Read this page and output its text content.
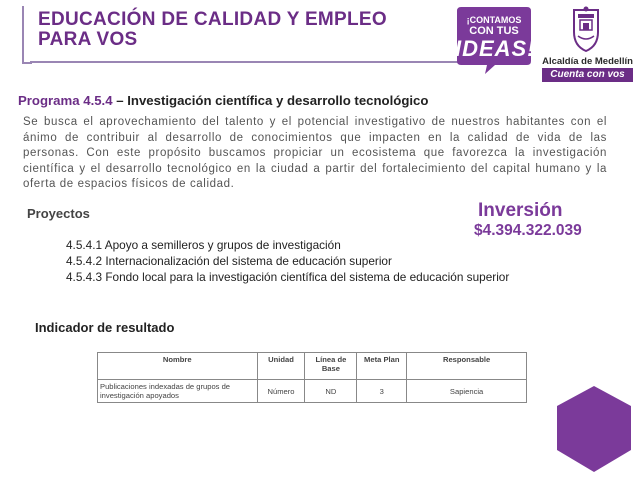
EDUCACIÓN DE CALIDAD Y EMPLEO
PARA VOS
¡CONTAMOS
CON TUS
IDEAS!
Alcaldía de Medellín
Cuenta con vos
Programa 4.5.4 – Investigación científica y desarrollo tecnológico
Se busca el aprovechamiento del talento y el potencial investigativo de nuestros habitantes con el ánimo de contribuir al desarrollo de conocimientos que impacten en la calidad de vida de las personas. Con este propósito buscamos propiciar un ecosistema que favorezca la investigación científica y el desarrollo tecnológico en la ciudad a partir del fortalecimiento del capital humano y la oferta de espacios físicos de calidad.
Proyectos	Inversión
$4.394.322.039
4.5.4.1 Apoyo a semilleros y grupos de investigación
4.5.4.2 Internacionalización del sistema de educación superior
4.5.4.3 Fondo local para la investigación científica del sistema de educación superior
Indicador de resultado
Nombre	Unidad	Línea de Base	Meta Plan	Responsable
Publicaciones indexadas de grupos de investigación apoyados	Número	ND	3	Sapiencia
